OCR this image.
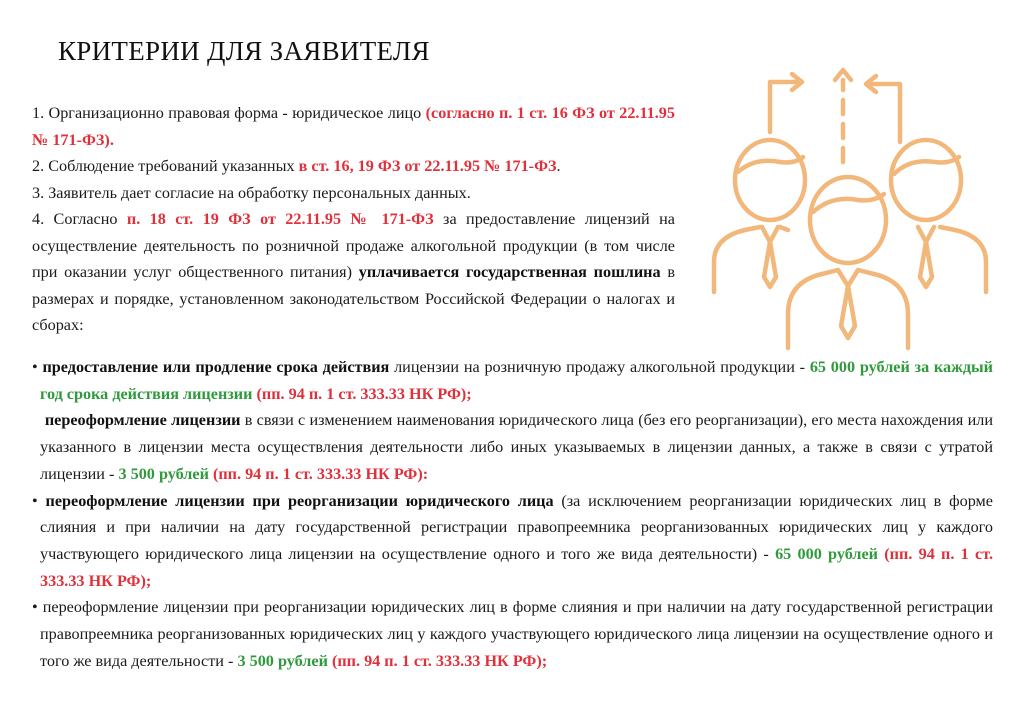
КРИТЕРИИ ДЛЯ ЗАЯВИТЕЛЯ

1. Организационно правовая форма - юридическое лицо (согласно п. 1 ст. 16 ФЗ от 22.11.95 № 171-ФЗ).

2. Соблюдение требований указанных в ст. 16, 19 ФЗ от 22.11.95 № 171-ФЗ.

3. Заявитель дает согласие на обработку персональных данных.

4. Согласно п. 18 ст. 19 ФЗ от 22.11.95 № 171-ФЗ за предоставление лицензий на осуществление деятельность по розничной продаже алкогольной продукции (в том числе при оказании услуг общественного питания) уплачивается государственная пошлина в размерах и порядке, установленном законодательством Российской Федерации о налогах и сборах:

• предоставление или продление срока действия лицензии на розничную продажу алкогольной продукции - 65 000 рублей за каждый год срока действия лицензии (пп. 94 п. 1 ст. 333.33 НК РФ);

переоформление лицензии в связи с изменением наименования юридического лица (без его реорганизации), его места нахождения или указанного в лицензии места осуществления деятельности либо иных указываемых в лицензии данных, а также в связи с утратой лицензии - 3 500 рублей (пп. 94 п. 1 ст. 333.33 НК РФ):

• переоформление лицензии при реорганизации юридического лица (за исключением реорганизации юридических лиц в форме слияния и при наличии на дату государственной регистрации правопреемника реорганизованных юридических лиц у каждого участвующего юридического лица лицензии на осуществление одного и того же вида деятельности) - 65 000 рублей (пп. 94 п. 1 ст. 333.33 НК РФ);

• переоформление лицензии при реорганизации юридических лиц в форме слияния и при наличии на дату государственной регистрации правопреемника реорганизованных юридических лиц у каждого участвующего юридического лица лицензии на осуществление одного и того же вида деятельности - 3 500 рублей (пп. 94 п. 1 ст. 333.33 НК РФ);
